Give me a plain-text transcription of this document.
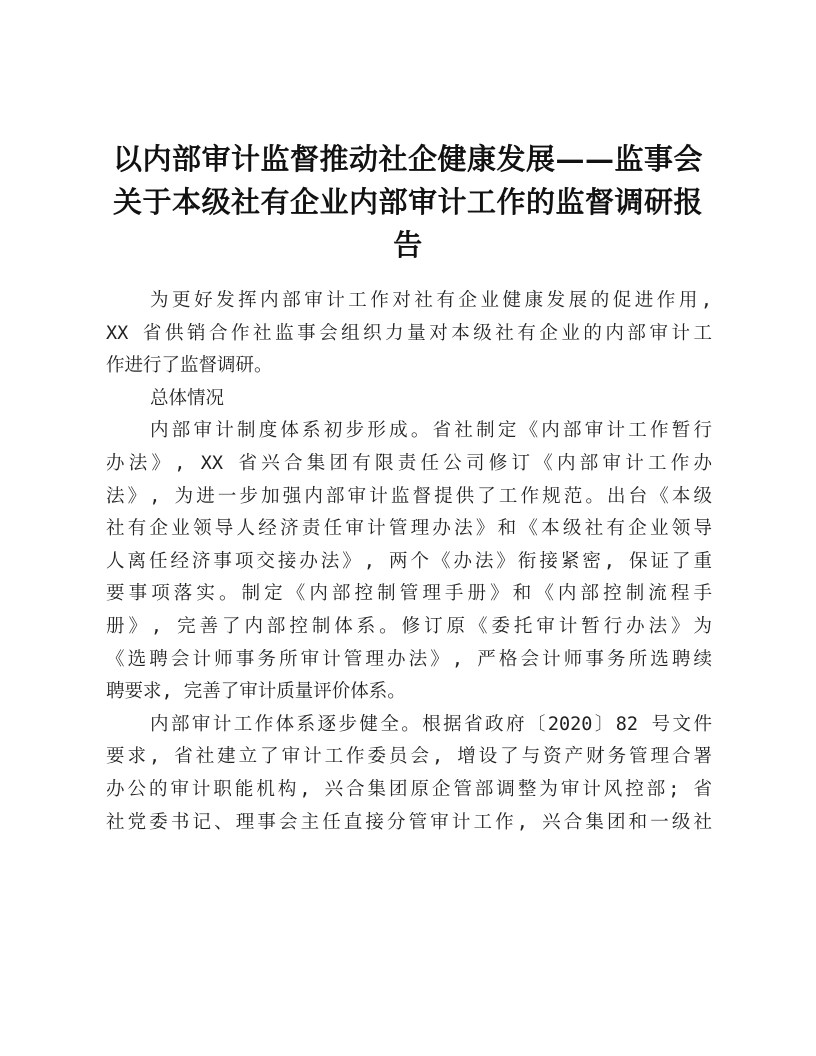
以内部审计监督推动社企健康发展——监事会
关于本级社有企业内部审计工作的监督调研报
告
为更好发挥内部审计工作对社有企业健康发展的促进作用,
XX 省供销合作社监事会组织力量对本级社有企业的内部审计工
作进行了监督调研。
总体情况
内部审计制度体系初步形成。省社制定《内部审计工作暂行
办法》, XX 省兴合集团有限责任公司修订《内部审计工作办
法》, 为进一步加强内部审计监督提供了工作规范。出台《本级
社有企业领导人经济责任审计管理办法》和《本级社有企业领导
人离任经济事项交接办法》, 两个《办法》衔接紧密, 保证了重
要事项落实。制定《内部控制管理手册》和《内部控制流程手
册》, 完善了内部控制体系。修订原《委托审计暂行办法》为
《选聘会计师事务所审计管理办法》, 严格会计师事务所选聘续
聘要求, 完善了审计质量评价体系。
内部审计工作体系逐步健全。根据省政府〔2020〕82 号文件
要求, 省社建立了审计工作委员会, 增设了与资产财务管理合署
办公的审计职能机构, 兴合集团原企管部调整为审计风控部; 省
社党委书记、理事会主任直接分管审计工作, 兴合集团和一级社
